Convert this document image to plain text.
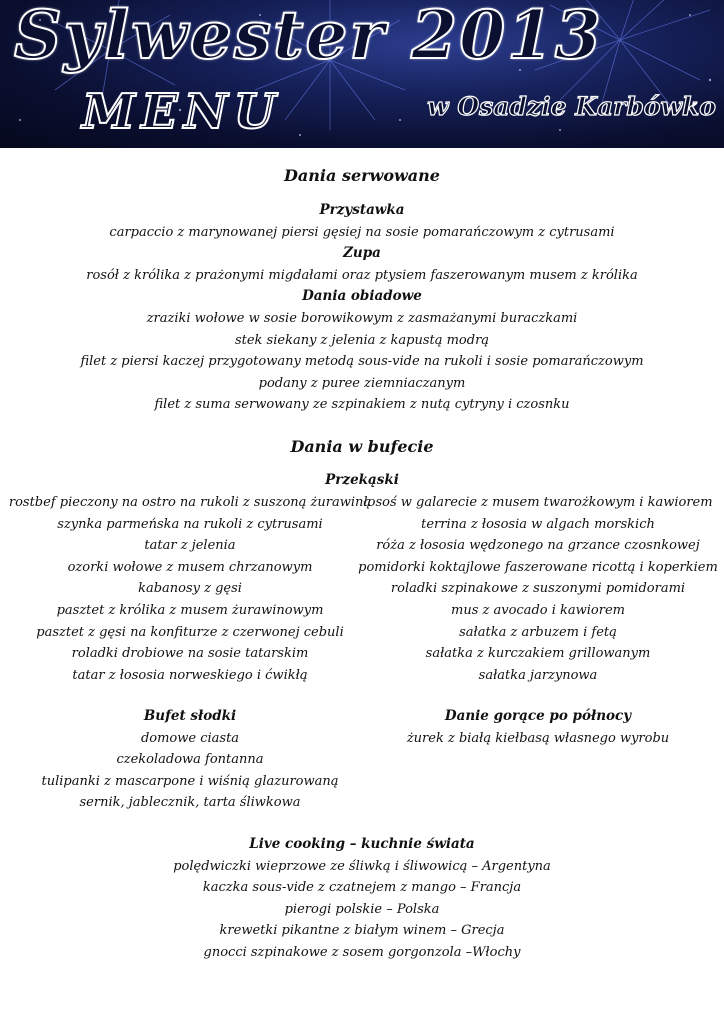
Sylwester 2013
MENU	w Osadzie Karbówko
Dania serwowane
Przystawka
carpaccio z marynowanej piersi gęsiej na sosie pomarańczowym z cytrusami
Zupa
rosół z królika z prażonymi migdałami oraz ptysiem faszerowanym musem z królika
Dania obiadowe
zraziki wołowe w sosie borowikowym z zasmażanymi buraczkami
stek siekany z jelenia z kapustą modrą
filet z piersi kaczej przygotowany metodą sous-vide na rukoli i sosie pomarańczowym
podany z puree ziemniaczanym
filet z suma serwowany ze szpinakiem z nutą cytryny i czosnku
Dania w bufecie
Przekąski
rostbef pieczony na ostro na rukoli z suszoną żurawiną
szynka parmeńska na rukoli z cytrusami
tatar z jelenia
ozorki wołowe z musem chrzanowym
kabanosy z gęsi
pasztet z królika z musem żurawinowym
pasztet z gęsi na konfiturze z czerwonej cebuli
roladki drobiowe na sosie tatarskim
tatar z łososia norweskiego i ćwikłą
łosoś w galarecie z musem twarożkowym i kawiorem
terrina z łososia w algach morskich
róża z łososia wędzonego na grzance czosnkowej
pomidorki koktajlowe faszerowane ricottą i koperkiem
roladki szpinakowe z suszonymi pomidorami
mus z avocado i kawiorem
sałatka z arbuzem i fetą
sałatka z kurczakiem grillowanym
sałatka jarzynowa
Bufet słodki
domowe ciasta
czekoladowa fontanna
tulipanki z mascarpone i wiśnią glazurowaną
sernik, jablecznik, tarta śliwkowa
Danie gorące po północy
żurek z białą kiełbasą własnego wyrobu
Live cooking – kuchnie świata
polędwiczki wieprzowe ze śliwką i śliwowicą – Argentyna
kaczka sous-vide z czatnejem z mango – Francja
pierogi polskie – Polska
krewetki pikantne z białym winem – Grecja
gnocci szpinakowe z sosem gorgonzola –Włochy
